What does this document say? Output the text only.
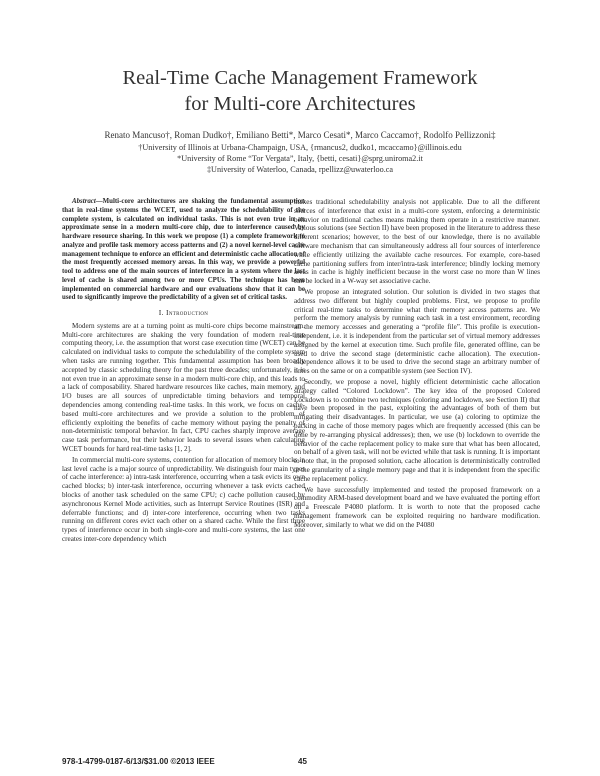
Real-Time Cache Management Framework
for Multi-core Architectures
Renato Mancuso†, Roman Dudko†, Emiliano Betti*, Marco Cesati*, Marco Caccamo†, Rodolfo Pellizzoni‡
†University of Illinois at Urbana-Champaign, USA, {rmancus2, dudko1, mcaccamo}@illinois.edu
*University of Rome “Tor Vergata”, Italy, {betti, cesati}@sprg.uniroma2.it
‡University of Waterloo, Canada, rpellizz@uwaterloo.ca

Abstract—Multi-core architectures are shaking the fundamental assumption that in real-time systems the WCET, used to analyze the schedulability of the complete system, is calculated on individual tasks. This is not even true in an approximate sense in a modern multi-core chip, due to interference caused by hardware resource sharing. In this work we propose (1) a complete framework to analyze and profile task memory access patterns and (2) a novel kernel-level cache management technique to enforce an efficient and deterministic cache allocation of the most frequently accessed memory areas. In this way, we provide a powerful tool to address one of the main sources of interference in a system where the last level of cache is shared among two or more CPUs. The technique has been implemented on commercial hardware and our evaluations show that it can be used to significantly improve the predictability of a given set of critical tasks.

I. Introduction

Modern systems are at a turning point as multi-core chips become mainstream. Multi-core architectures are shaking the very foundation of modern real-time computing theory, i.e. the assumption that worst case execution time (WCET) can be calculated on individual tasks to compute the schedulability of the complete system when tasks are running together. This fundamental assumption has been broadly accepted by classic scheduling theory for the past three decades; unfortunately, it is not even true in an approximate sense in a modern multi-core chip, and this leads to a lack of composability. Shared hardware resources like caches, main memory, and I/O buses are all sources of unpredictable timing behaviors and temporal dependencies among contending real-time tasks. In this work, we focus on cache-based multi-core architectures and we provide a solution to the problem of efficiently exploiting the benefits of cache memory without paying the penalty of non-deterministic temporal behavior. In fact, CPU caches sharply improve average case task performance, but their behavior leads to several issues when calculating WCET bounds for hard real-time tasks [1, 2].

In commercial multi-core systems, contention for allocation of memory blocks in last level cache is a major source of unpredictability. We distinguish four main types of cache interference: a) intra-task interference, occurring when a task evicts its own cached blocks; b) inter-task interference, occurring whenever a task evicts cached blocks of another task scheduled on the same CPU; c) cache pollution caused by asynchronous Kernel Mode activities, such as Interrupt Service Routines (ISR) and deferrable functions; and d) inter-core interference, occurring when two tasks running on different cores evict each other on a shared cache. While the first three types of interference occur in both single-core and multi-core systems, the last one creates inter-core dependency which

makes traditional schedulability analysis not applicable. Due to all the different sources of interference that exist in a multi-core system, enforcing a deterministic behavior on traditional caches means making them operate in a restrictive manner. Various solutions (see Section II) have been proposed in the literature to address these different scenarios; however, to the best of our knowledge, there is no available software mechanism that can simultaneously address all four sources of interference while efficiently utilizing the available cache resources. For example, core-based cache partitioning suffers from inter/intra-task interference; blindly locking memory areas in cache is highly inefficient because in the worst case no more than W lines can be locked in a W-way set associative cache.

We propose an integrated solution. Our solution is divided in two stages that address two different but highly coupled problems. First, we propose to profile critical real-time tasks to determine what their memory access patterns are. We perform the memory analysis by running each task in a test environment, recording all the memory accesses and generating a “profile file”. This profile is execution-independent, i.e. it is independent from the particular set of virtual memory addresses assigned by the kernel at execution time. Such profile file, generated offline, can be used to drive the second stage (deterministic cache allocation). The execution-independence allows it to be used to drive the second stage an arbitrary number of times on the same or on a compatible system (see Section IV).

Secondly, we propose a novel, highly efficient deterministic cache allocation strategy called “Colored Lockdown”. The key idea of the proposed Colored Lockdown is to combine two techniques (coloring and lockdown, see Section II) that have been proposed in the past, exploiting the advantages of both of them but mitigating their disadvantages. In particular, we use (a) coloring to optimize the packing in cache of those memory pages which are frequently accessed (this can be done by re-arranging physical addresses); then, we use (b) lockdown to override the behavior of the cache replacement policy to make sure that what has been allocated, on behalf of a given task, will not be evicted while that task is running. It is important to note that, in the proposed solution, cache allocation is deterministically controlled at the granularity of a single memory page and that it is independent from the specific cache replacement policy.

We have successfully implemented and tested the proposed framework on a commodity ARM-based development board and we have evaluated the porting effort on a Freescale P4080 platform. It is worth to note that the proposed cache management framework can be exploited requiring no hardware modification. Moreover, similarly to what we did on the P4080

978-1-4799-0187-6/13/$31.00 ©2013 IEEE	45
